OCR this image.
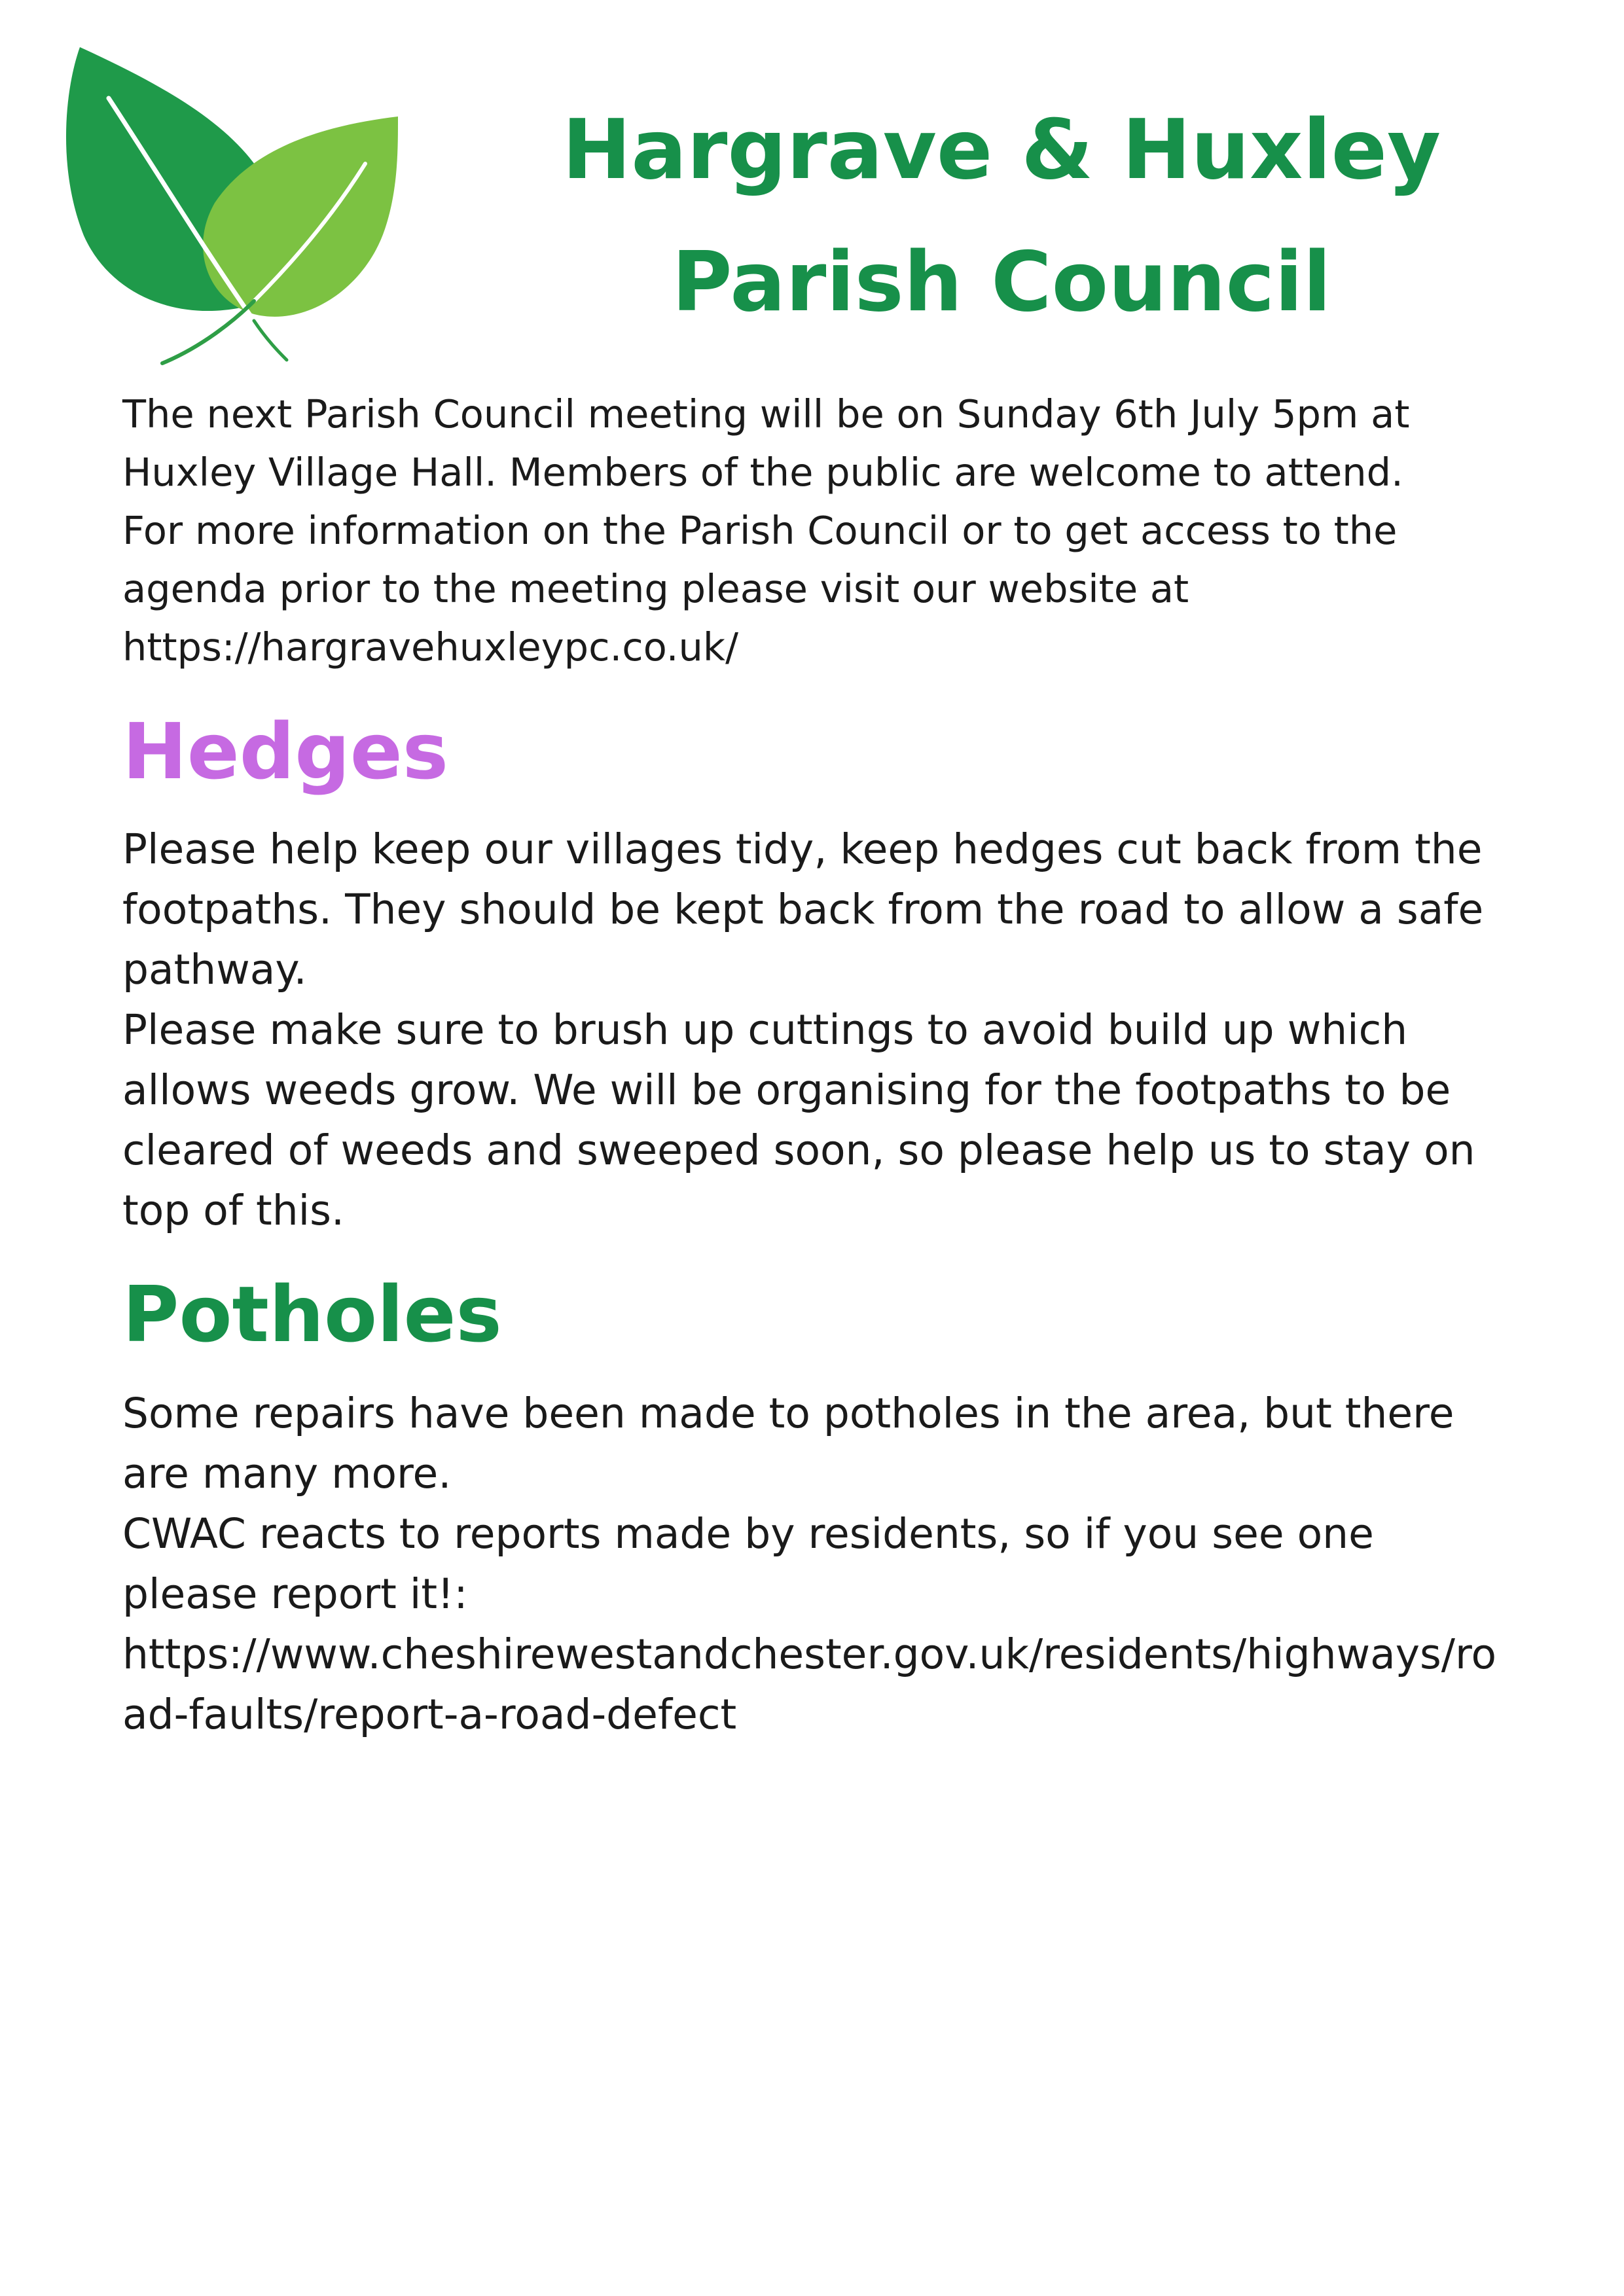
Hargrave & Huxley
Parish Council

The next Parish Council meeting will be on Sunday 6th July 5pm at
Huxley Village Hall. Members of the public are welcome to attend.
For more information on the Parish Council or to get access to the
agenda prior to the meeting please visit our website at
https://hargravehuxleypc.co.uk/

Hedges

Please help keep our villages tidy, keep hedges cut back from the
footpaths. They should be kept back from the road to allow a safe
pathway.
Please make sure to brush up cuttings to avoid build up which
allows weeds grow. We will be organising for the footpaths to be
cleared of weeds and sweeped soon, so please help us to stay on
top of this.

Potholes

Some repairs have been made to potholes in the area, but there
are many more.
CWAC reacts to reports made by residents, so if you see one
please report it!:
https://www.cheshirewestandchester.gov.uk/residents/highways/ro
ad-faults/report-a-road-defect
